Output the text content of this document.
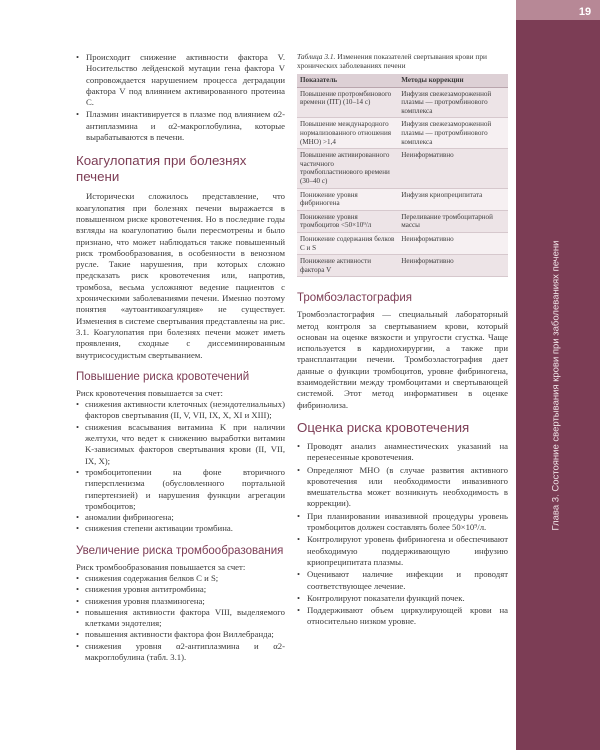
19
Глава 3. Состояние свертывания крови при заболеваниях печени
• Происходит снижение активности фактора V. Носительство лейденской мутации гена фактора V сопровождается нарушением процесса деградации фактора V под влиянием активированного протеина C.
• Плазмин инактивируется в плазме под влиянием α2-антиплазмина и α2-макроглобулина, которые вырабатываются в печени.
Коагулопатия при болезнях печени

Исторически сложилось представление, что коагулопатия при болезнях печени выражается в повышенном риске кровотечения. Но в последние годы взгляды на коагулопатию были пересмотрены и было признано, что может наблюдаться также повышенный риск тромбообразования, в особенности в венозном русле. Такие нарушения, при которых сложно предсказать риск кровотечения или, напротив, тромбоза, весьма усложняют ведение пациентов с хроническими заболеваниями печени. Именно поэтому понятия «аутоантикоагуляция» не существует. Изменения в системе свертывания представлены на рис. 3.1. Коагулопатия при болезнях печени может иметь проявления, сходные с диссеминированным внутрисосудистым свертыванием.

Повышение риска кровотечений

Риск кровотечения повышается за счет:

• снижения активности клеточных (неэндотелиальных) факторов свертывания (II, V, VII, IX, X, XI и XIII);
• снижения всасывания витамина K при наличии желтухи, что ведет к снижению выработки витамин K-зависимых факторов свертывания крови (II, VII, IX, X);
• тромбоцитопении на фоне вторичного гиперспленизма (обусловленного портальной гипертензией) и нарушения функции агрегации тромбоцитов;
• аномалии фибриногена;
• снижения степени активации тромбина.
Увеличение риска тромбообразования

Риск тромбообразования повышается за счет:

• снижения содержания белков C и S;
• снижения уровня антитромбина;
• снижения уровня плазминогена;
• повышения активности фактора VIII, выделяемого клетками эндотелия;
• повышения активности фактора фон Виллебранда;
• снижения уровня α2-антиплазмина и α2-макроглобулина (табл. 3.1).
Таблица 3.1. Изменения показателей свертывания крови при хронических заболеваниях печени
Показатель	Методы коррекции
Повышение протромбинового времени (ПТ) (10–14 с)	Инфузия свежезамороженной плазмы — протромбинового комплекса
Повышение международного нормализованного отношения (МНО) >1,4	Инфузия свежезамороженной плазмы — протромбинового комплекса
Повышение активированного частичного тромбопластинового времени (30–40 с)	Неинформативно
Понижение уровня фибриногена	Инфузия криопреципитата
Понижение уровня тромбоцитов <50×10⁹/л	Переливание тромбоцитарной массы
Понижение содержания белков C и S	Неинформативно
Понижение активности фактора V	Неинформативно
Тромбоэластография

Тромбоэластография — специальный лабораторный метод контроля за свертыванием крови, который основан на оценке вязкости и упругости сгустка. Чаще используется в кардиохирургии, а также при трансплантации печени. Тромбоэластография дает данные о функции тромбоцитов, уровне фибриногена, взаимодействии между тромбоцитами и свертывающей системой. Этот метод информативен в оценке фибринолиза.

Оценка риска кровотечения
• Проводят анализ анамнестических указаний на перенесенные кровотечения.
• Определяют МНО (в случае развития активного кровотечения или необходимости инвазивного вмешательства может возникнуть необходимость в коррекции).
• При планировании инвазивной процедуры уровень тромбоцитов должен составлять более 50×10⁹/л.
• Контролируют уровень фибриногена и обеспечивают необходимую поддерживающую инфузию криопреципитата плазмы.
• Оценивают наличие инфекции и проводят соответствующее лечение.
• Контролируют показатели функций почек.
• Поддерживают объем циркулирующей крови на относительно низком уровне.
